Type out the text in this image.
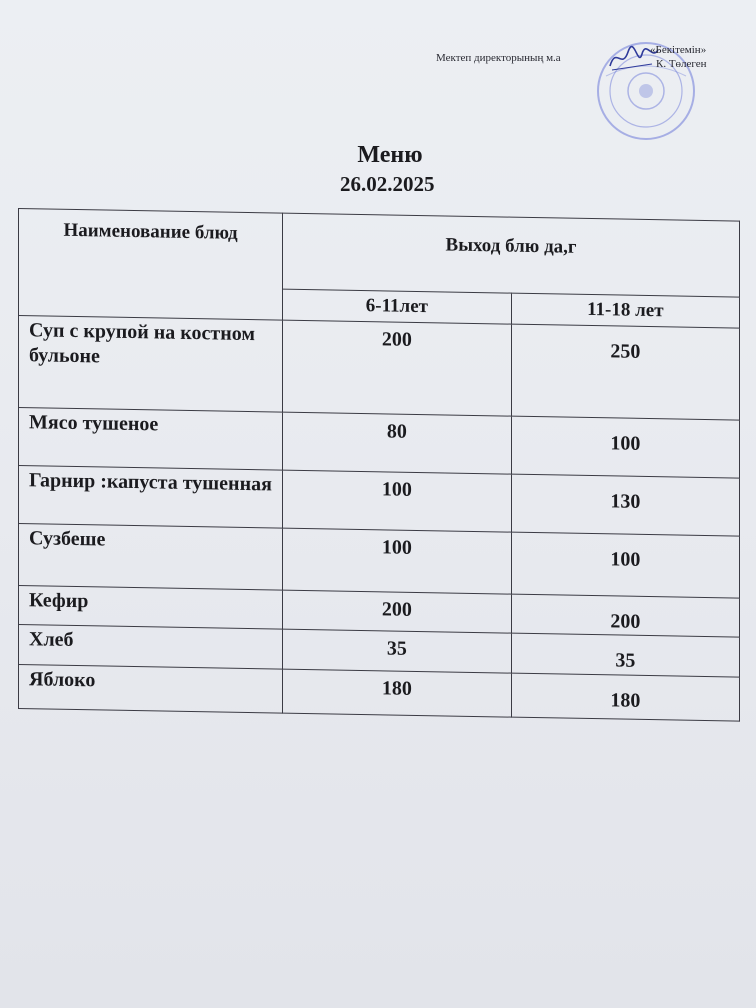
Мектеп директорының м.а
«Бекітемін»
К. Төлеген
Меню
26.02.2025
Наименование блюд	Выход блю да,г	
	6-11лет	11-18 лет
Суп с крупой на костном бульоне	200	250
Мясо тушеное	80	100
Гарнир :капуста тушенная	100	130
Сузбеше	100	100
Кефир	200	200
Хлеб	35	35
Яблоко	180	180
